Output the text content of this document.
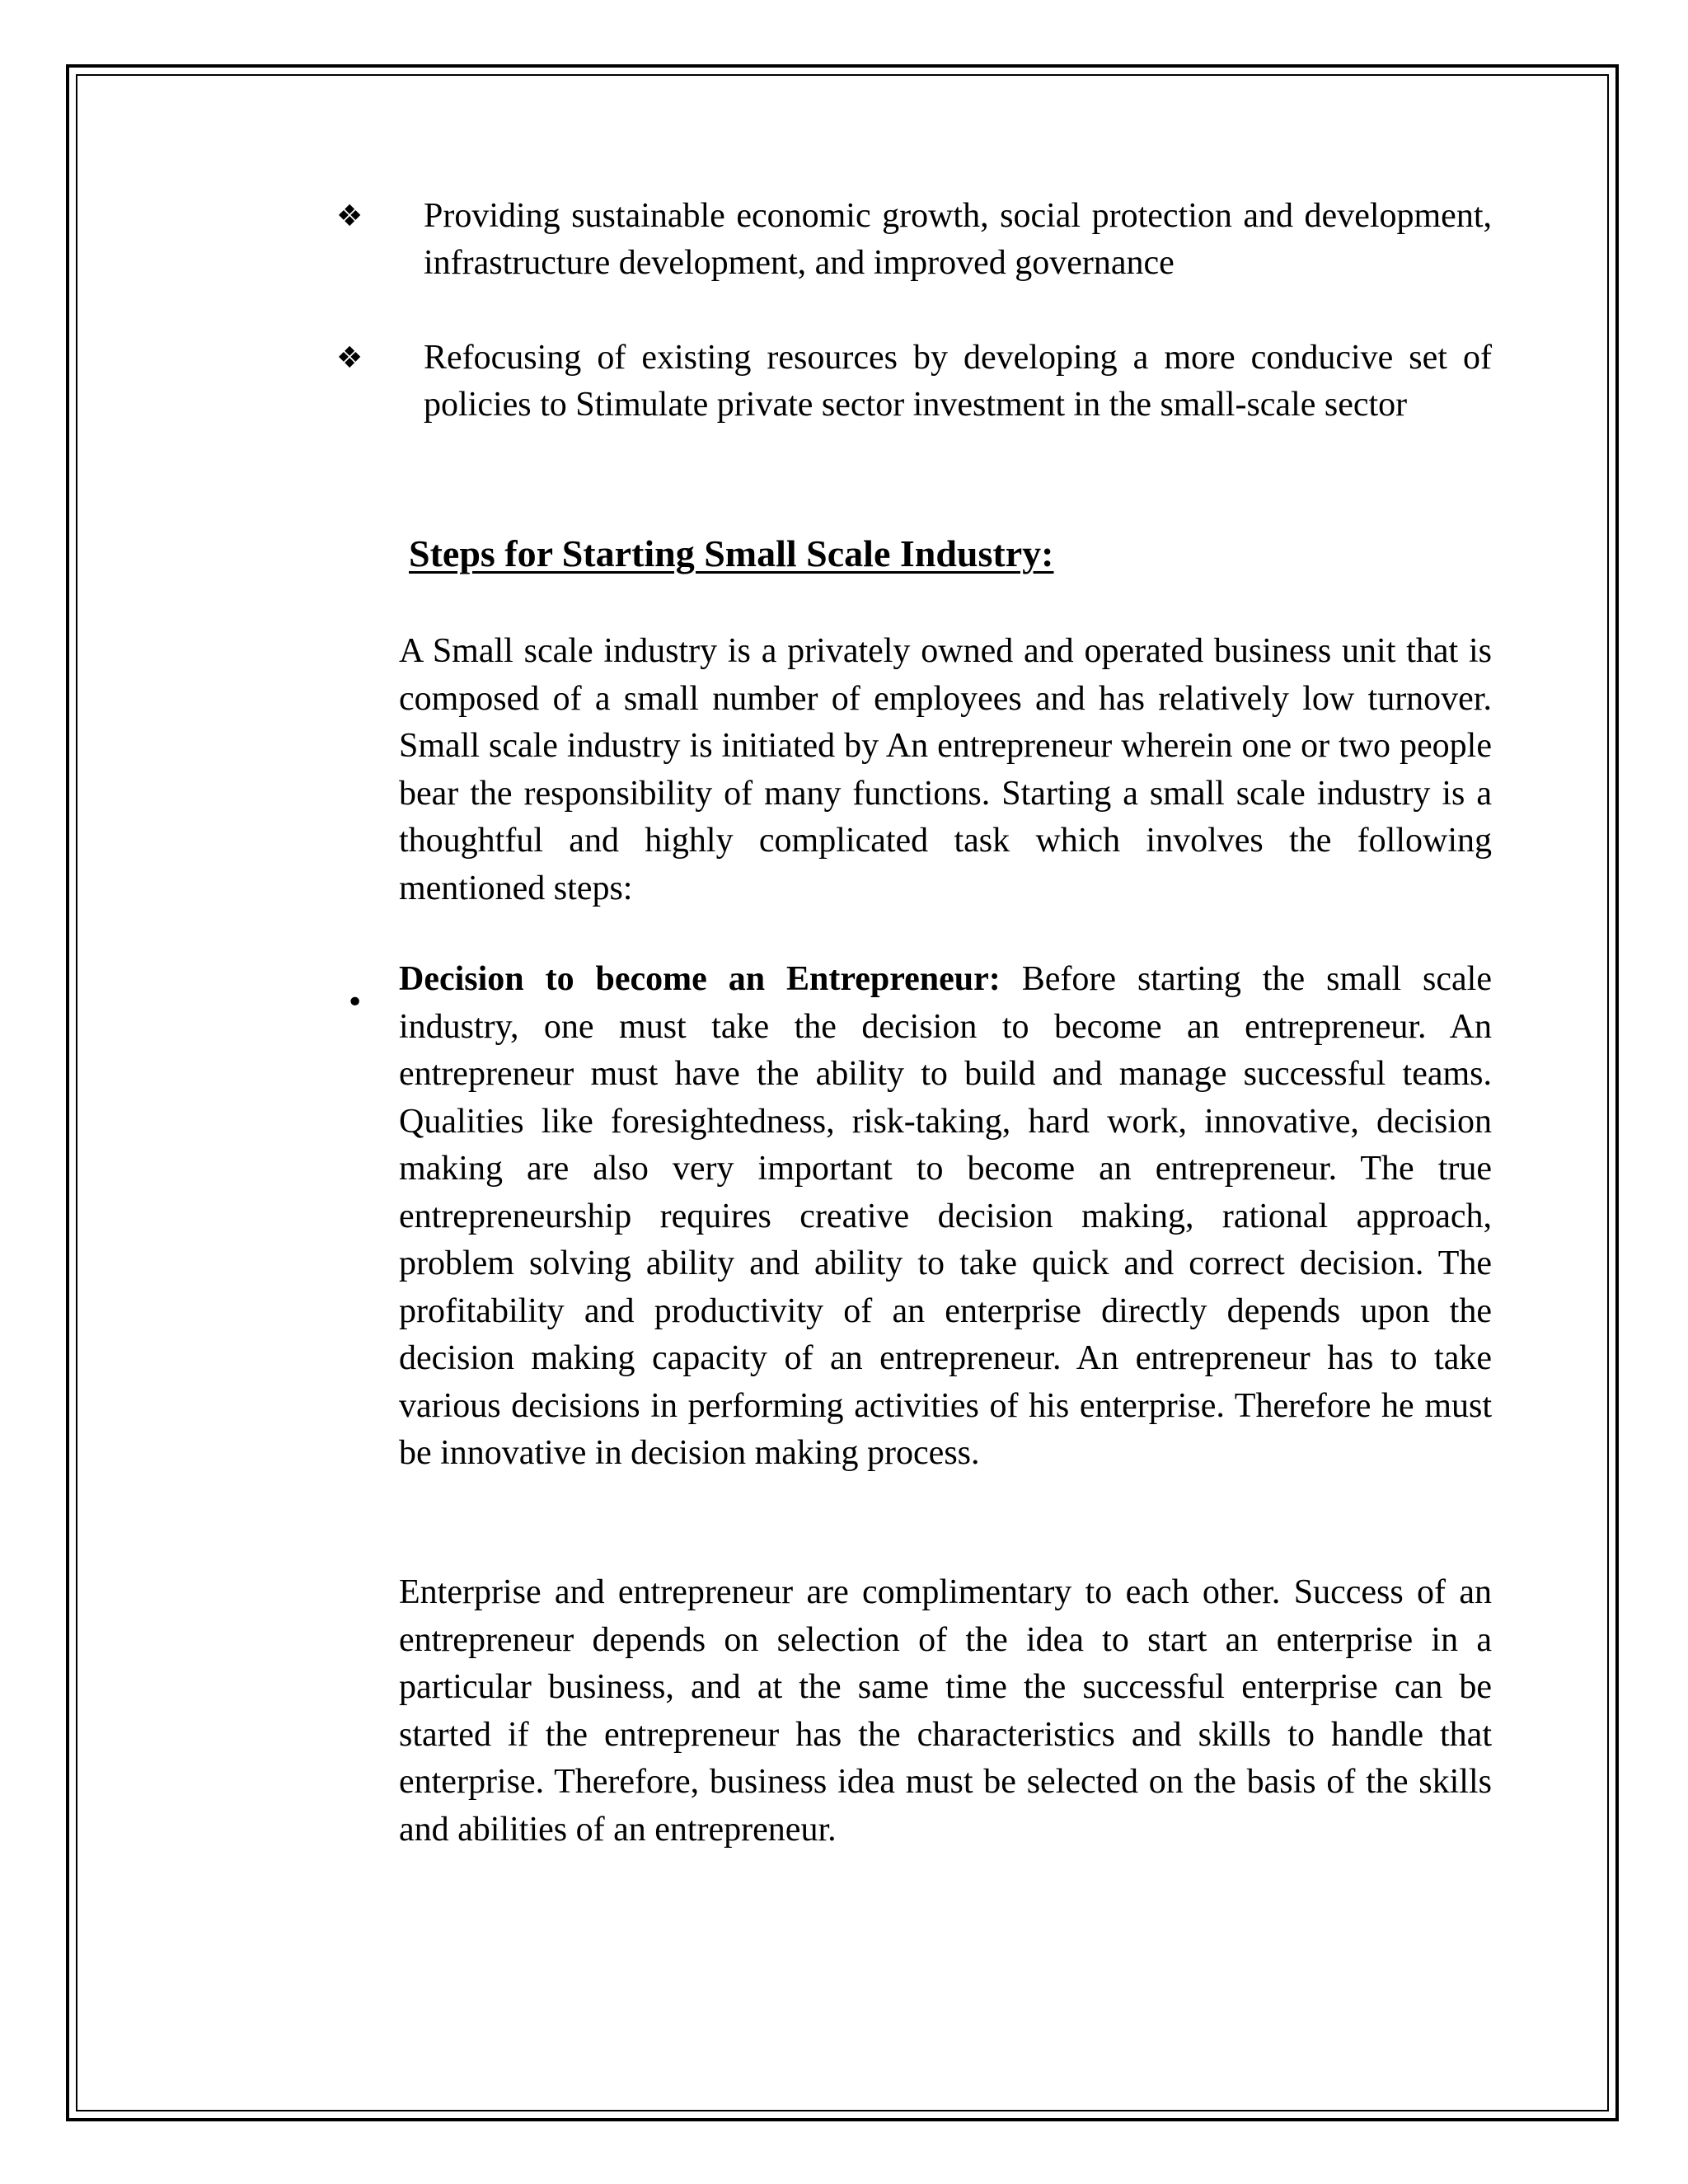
❖	Providing sustainable economic growth, social protection and development, infrastructure development, and improved governance
❖	Refocusing of existing resources by developing a more conducive set of policies to Stimulate private sector investment in the small-scale sector
Steps for Starting Small Scale Industry:

A Small scale industry is a privately owned and operated business unit that is composed of a small number of employees and has relatively low turnover. Small scale industry is initiated by An entrepreneur wherein one or two people bear the responsibility of many functions. Starting a small scale industry is a thoughtful and highly complicated task which involves the following mentioned steps:

•

Decision to become an Entrepreneur: Before starting the small scale industry, one must take the decision to become an entrepreneur. An entrepreneur must have the ability to build and manage successful teams. Qualities like foresightedness, risk-taking, hard work, innovative, decision making are also very important to become an entrepreneur. The true entrepreneurship requires creative decision making, rational approach, problem solving ability and ability to take quick and correct decision. The profitability and productivity of an enterprise directly depends upon the decision making capacity of an entrepreneur. An entrepreneur has to take various decisions in performing activities of his enterprise. Therefore he must be innovative in decision making process.

Enterprise and entrepreneur are complimentary to each other. Success of an entrepreneur depends on selection of the idea to start an enterprise in a particular business, and at the same time the successful enterprise can be started if the entrepreneur has the characteristics and skills to handle that enterprise. Therefore, business idea must be selected on the basis of the skills and abilities of an entrepreneur.
